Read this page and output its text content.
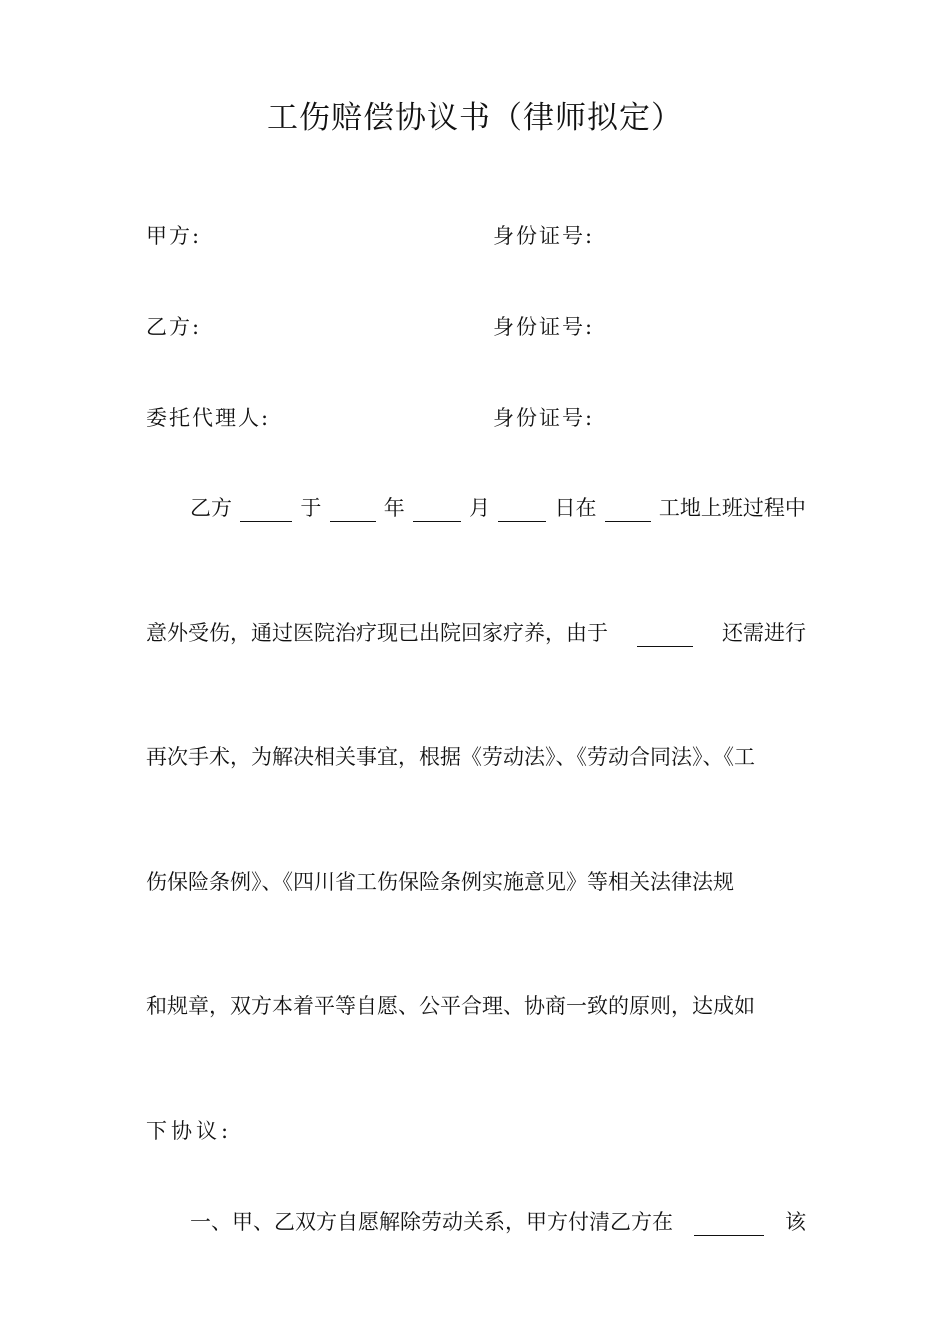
工伤赔偿协议书（律师拟定）
甲方:	身份证号:
乙方:	身份证号:
委托代理人:	身份证号:
乙方	于	年	月	日在	工地上班过程中
意外受伤，通过医院治疗现已出院回家疗养，由于	还需进行
再次手术，为解决相关事宜，根据《劳动法》、《劳动合同法》、《工
伤保险条例》、《四川省工伤保险条例实施意见》等相关法律法规
和规章，双方本着平等自愿、公平合理、协商一致的原则，达成如
下协议:
一、甲、乙双方自愿解除劳动关系，甲方付清乙方在	该
